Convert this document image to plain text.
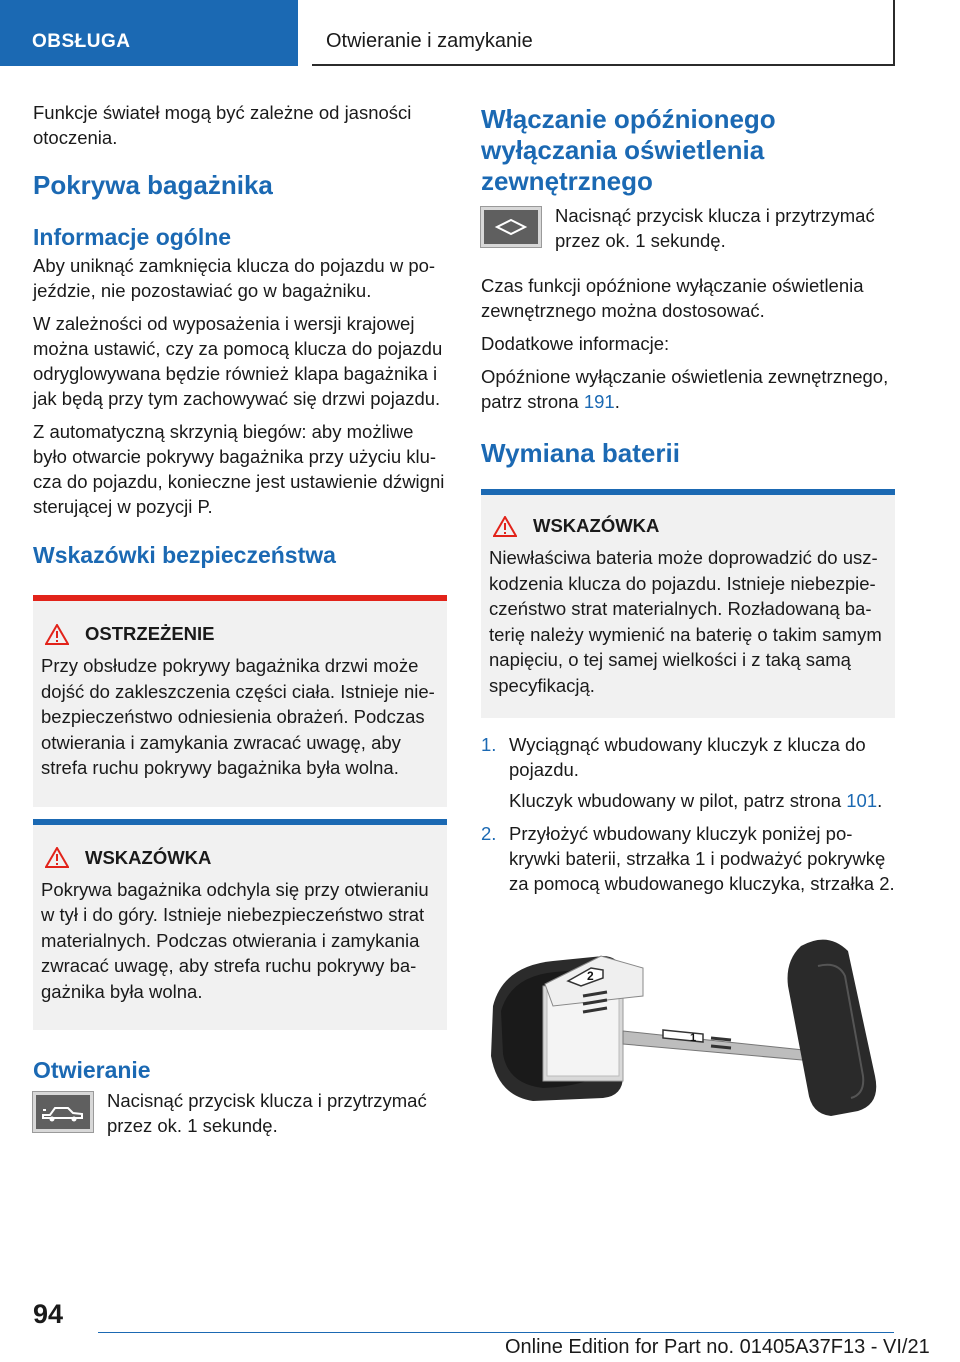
OBSŁUGA	Otwieranie i zamykanie

Funkcje świateł mogą być zależne od jasności otoczenia.

Pokrywa bagażnika
Informacje ogólne

Aby uniknąć zamknięcia klucza do pojazdu w pojeździe, nie pozostawiać go w bagażniku.

W zależności od wyposażenia i wersji krajowej można ustawić, czy za pomocą klucza do pojazdu odryglowywana będzie również klapa bagażnika i jak będą przy tym zachowywać się drzwi pojazdu.

Z automatyczną skrzynią biegów: aby możliwe było otwarcie pokrywy bagażnika przy użyciu klucza do pojazdu, konieczne jest ustawienie dźwigni sterującej w pozycji P.

Wskazówki bezpieczeństwa
OSTRZEŻENIE

Przy obsłudze pokrywy bagażnika drzwi może dojść do zakleszczenia części ciała. Istnieje niebezpieczeństwo odniesienia obrażeń. Podczas otwierania i zamykania zwracać uwagę, aby strefa ruchu pokrywy bagażnika była wolna.

WSKAZÓWKA

Pokrywa bagażnika odchyla się przy otwieraniu w tył i do góry. Istnieje niebezpieczeństwo strat materialnych. Podczas otwierania i zamykania zwracać uwagę, aby strefa ruchu pokrywy bagażnika była wolna.

Otwieranie

Nacisnąć przycisk klucza i przytrzymać przez ok. 1 sekundę.

Włączanie opóźnionego wyłączania oświetlenia zewnętrznego

Nacisnąć przycisk klucza i przytrzymać przez ok. 1 sekundę.

Czas funkcji opóźnione wyłączanie oświetlenia zewnętrznego można dostosować.

Dodatkowe informacje:

Opóźnione wyłączanie oświetlenia zewnętrznego, patrz strona 191.

Wymiana baterii
WSKAZÓWKA

Niewłaściwa bateria może doprowadzić do uszkodzenia klucza do pojazdu. Istnieje niebezpieczeństwo strat materialnych. Rozładowaną baterię należy wymienić na baterię o takim samym napięciu, o tej samej wielkości i z taką samą specyfikacją.

1. Wyciągnąć wbudowany kluczyk z klucza do pojazdu.

Kluczyk wbudowany w pilot, patrz strona 101.

2. Przyłożyć wbudowany kluczyk poniżej pokrywki baterii, strzałka 1 i podważyć pokrywkę za pomocą wbudowanego kluczyka, strzałka 2.

2
1
94
Online Edition for Part no. 01405A37F13 - VI/21
